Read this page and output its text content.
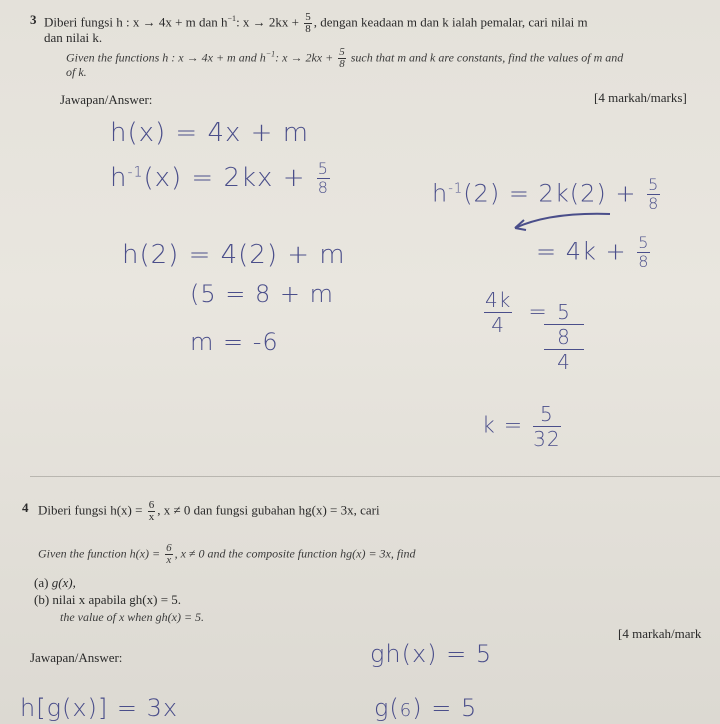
3 Diberi fungsi h : x → 4x + m dan $h^{-1}$: $x \to 2kx + \frac{5}{8}$ , dengan keadaan m dan k ialah pemalar, cari nilai m
dan nilai k.
Given the functions h : x → 4x + m and $h^{-1}$: $x \to 2kx + \frac{5}{8}$ such that m and k are constants, find the values of m and
of k.
Jawapan/Answer:	[4 markah/marks]
h(x) = 4x + m
$h^{-1}(x) = 2kx + \frac{5}{8}$
h(2) = 4(2) + m
(5 = 8 + m
m = -6
$h^{-1}(2) = 2k(2) + \frac{5}{8}$
= $4k + \frac{5}{8}$
$\frac{4k}{4} = 5$
8
4
$k = \frac{5}{32}$
4 Diberi fungsi $h(x) = \frac{6}{x}$ , x ≠ 0 dan fungsi gubahan hg(x) = 3x, cari
Given the function $h(x) = \frac{6}{x}$ , x ≠ 0 and the composite function hg(x) = 3x, find
(a) g(x),
(b) nilai x apabila gh(x) = 5.
the value of x when gh(x) = 5.
[4 markah/mark
Jawapan/Answer:	gh(x) = 5
h[g(x)] = 3x	g(6) = 5
